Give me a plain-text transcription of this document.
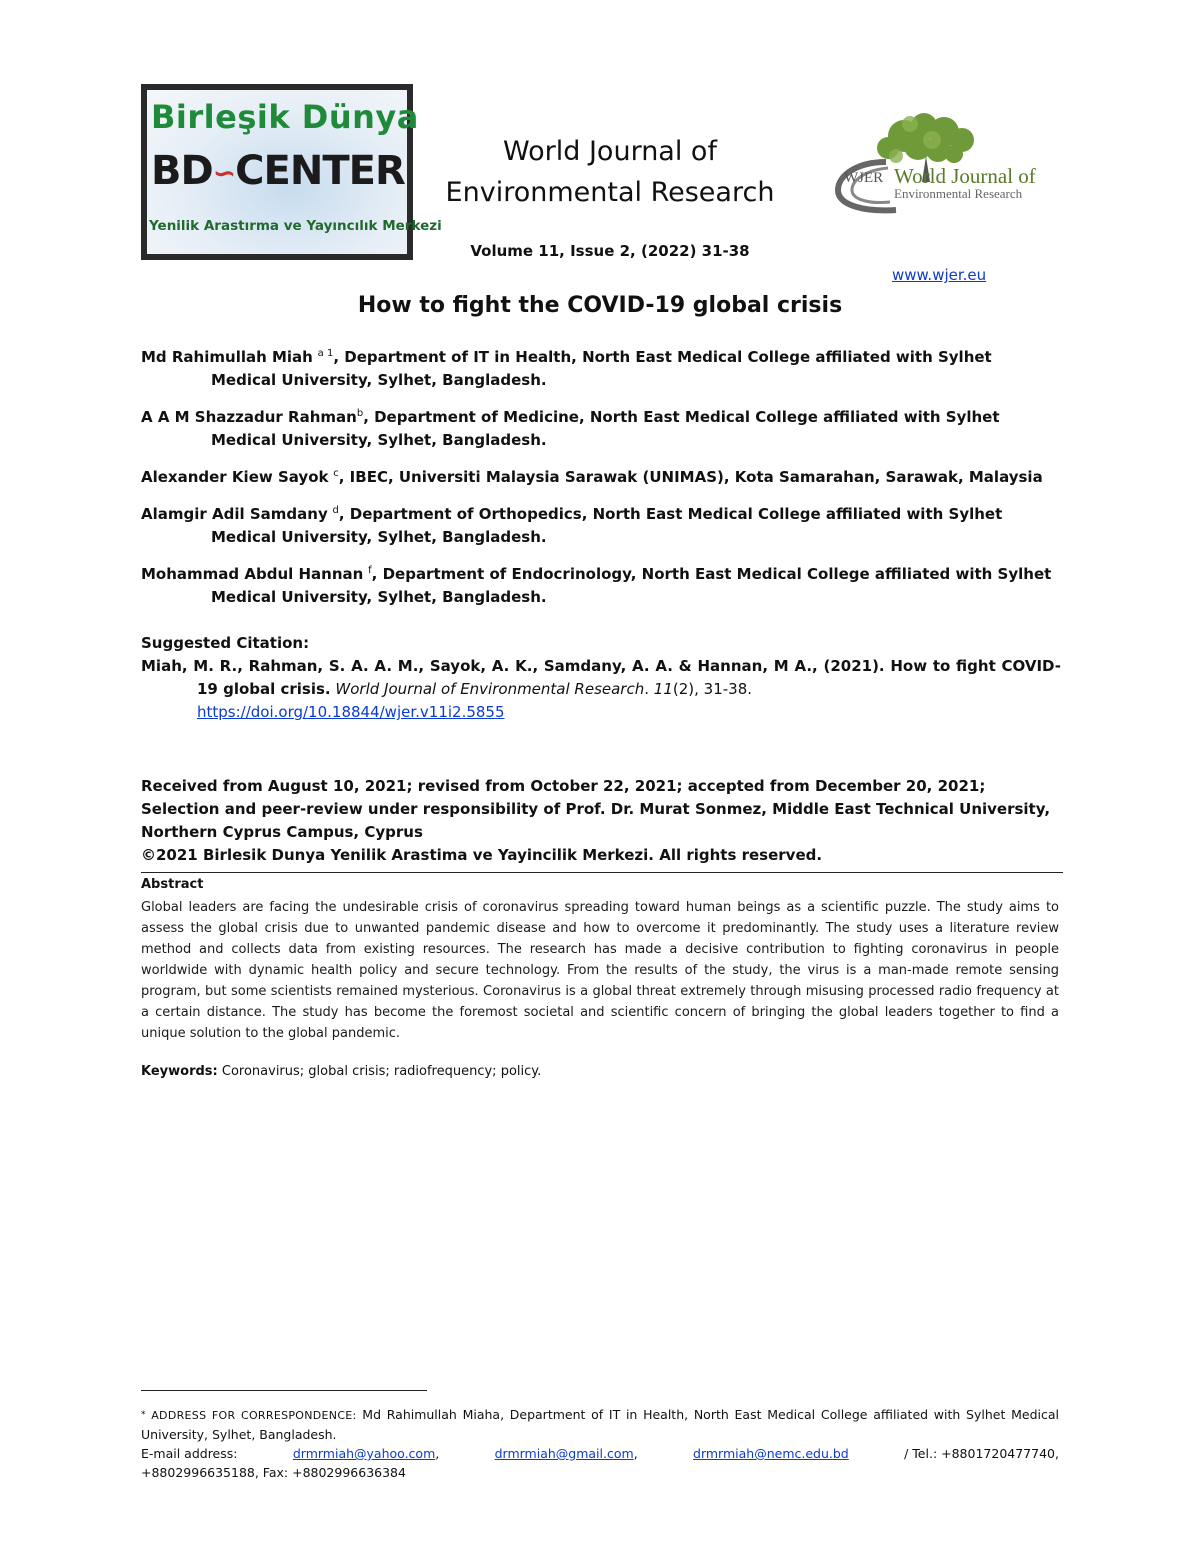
Birleşik Dünya
BD∽CENTER
Yenilik Arastırma ve Yayıncılık Merkezi
World Journal of
Environmental Research	WJER World Journal of
Environmental Research
Volume 11, Issue 2, (2022) 31-38
www.wjer.eu
How to fight the COVID-19 global crisis
Md Rahimullah Miah $^{a 1}$, Department of IT in Health, North East Medical College affiliated with Sylhet Medical University, Sylhet, Bangladesh.
A A M Shazzadur Rahman$^b$, Department of Medicine, North East Medical College affiliated with Sylhet Medical University, Sylhet, Bangladesh.
Alexander Kiew Sayok $^c$, IBEC, Universiti Malaysia Sarawak (UNIMAS), Kota Samarahan, Sarawak, Malaysia
Alamgir Adil Samdany $^d$, Department of Orthopedics, North East Medical College affiliated with Sylhet Medical University, Sylhet, Bangladesh.
Mohammad Abdul Hannan $^f$, Department of Endocrinology, North East Medical College affiliated with Sylhet Medical University, Sylhet, Bangladesh.
Suggested Citation:
Miah, M. R., Rahman, S. A. A. M., Sayok, A. K., Samdany, A. A. & Hannan, M A., (2021). How to fight COVID-19 global crisis. World Journal of Environmental Research. 11(2), 31-38.
https://doi.org/10.18844/wjer.v11i2.5855
Received from August 10, 2021; revised from October 22, 2021; accepted from December 20, 2021;
Selection and peer-review under responsibility of Prof. Dr. Murat Sonmez, Middle East Technical University, Northern Cyprus Campus, Cyprus
©2021 Birlesik Dunya Yenilik Arastima ve Yayincilik Merkezi. All rights reserved.
Abstract
Global leaders are facing the undesirable crisis of coronavirus spreading toward human beings as a scientific puzzle. The study aims to assess the global crisis due to unwanted pandemic disease and how to overcome it predominantly. The study uses a literature review method and collects data from existing resources. The research has made a decisive contribution to fighting coronavirus in people worldwide with dynamic health policy and secure technology. From the results of the study, the virus is a man-made remote sensing program, but some scientists remained mysterious. Coronavirus is a global threat extremely through misusing processed radio frequency at a certain distance. The study has become the foremost societal and scientific concern of bringing the global leaders together to find a unique solution to the global pandemic.
Keywords: Coronavirus; global crisis; radiofrequency; policy.
* ADDRESS FOR CORRESPONDENCE: Md Rahimullah Miaha, Department of IT in Health, North East Medical College affiliated with Sylhet Medical University, Sylhet, Bangladesh.
E-mail address:	drmrmiah@yahoo.com,	drmrmiah@gmail.com,	drmrmiah@nemc.edu.bd	/ Tel.: +8801720477740,
+8802996635188, Fax: +8802996636384
